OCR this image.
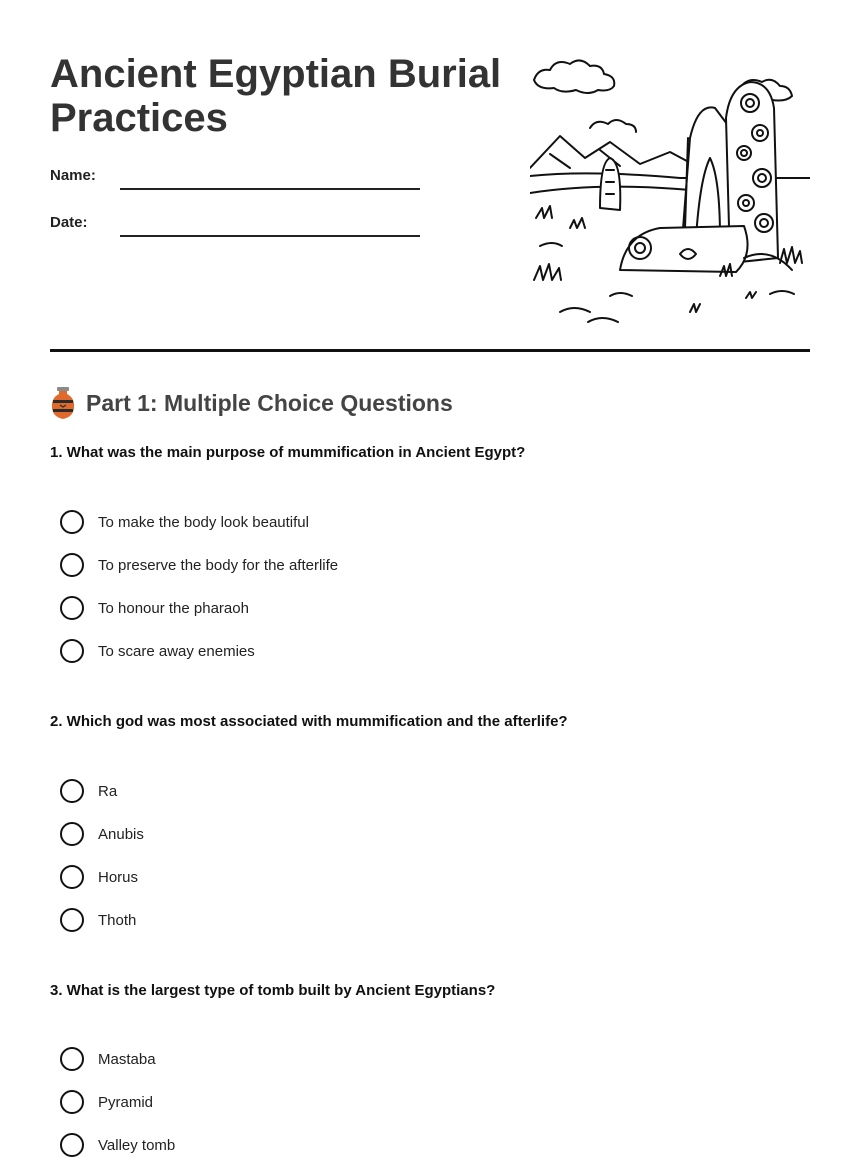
Ancient Egyptian Burial Practices
Name:
Date:
Part 1: Multiple Choice Questions
1. What was the main purpose of mummification in Ancient Egypt?
To make the body look beautiful
To preserve the body for the afterlife
To honour the pharaoh
To scare away enemies
2. Which god was most associated with mummification and the afterlife?
Ra
Anubis
Horus
Thoth
3. What is the largest type of tomb built by Ancient Egyptians?
Mastaba
Pyramid
Valley tomb
